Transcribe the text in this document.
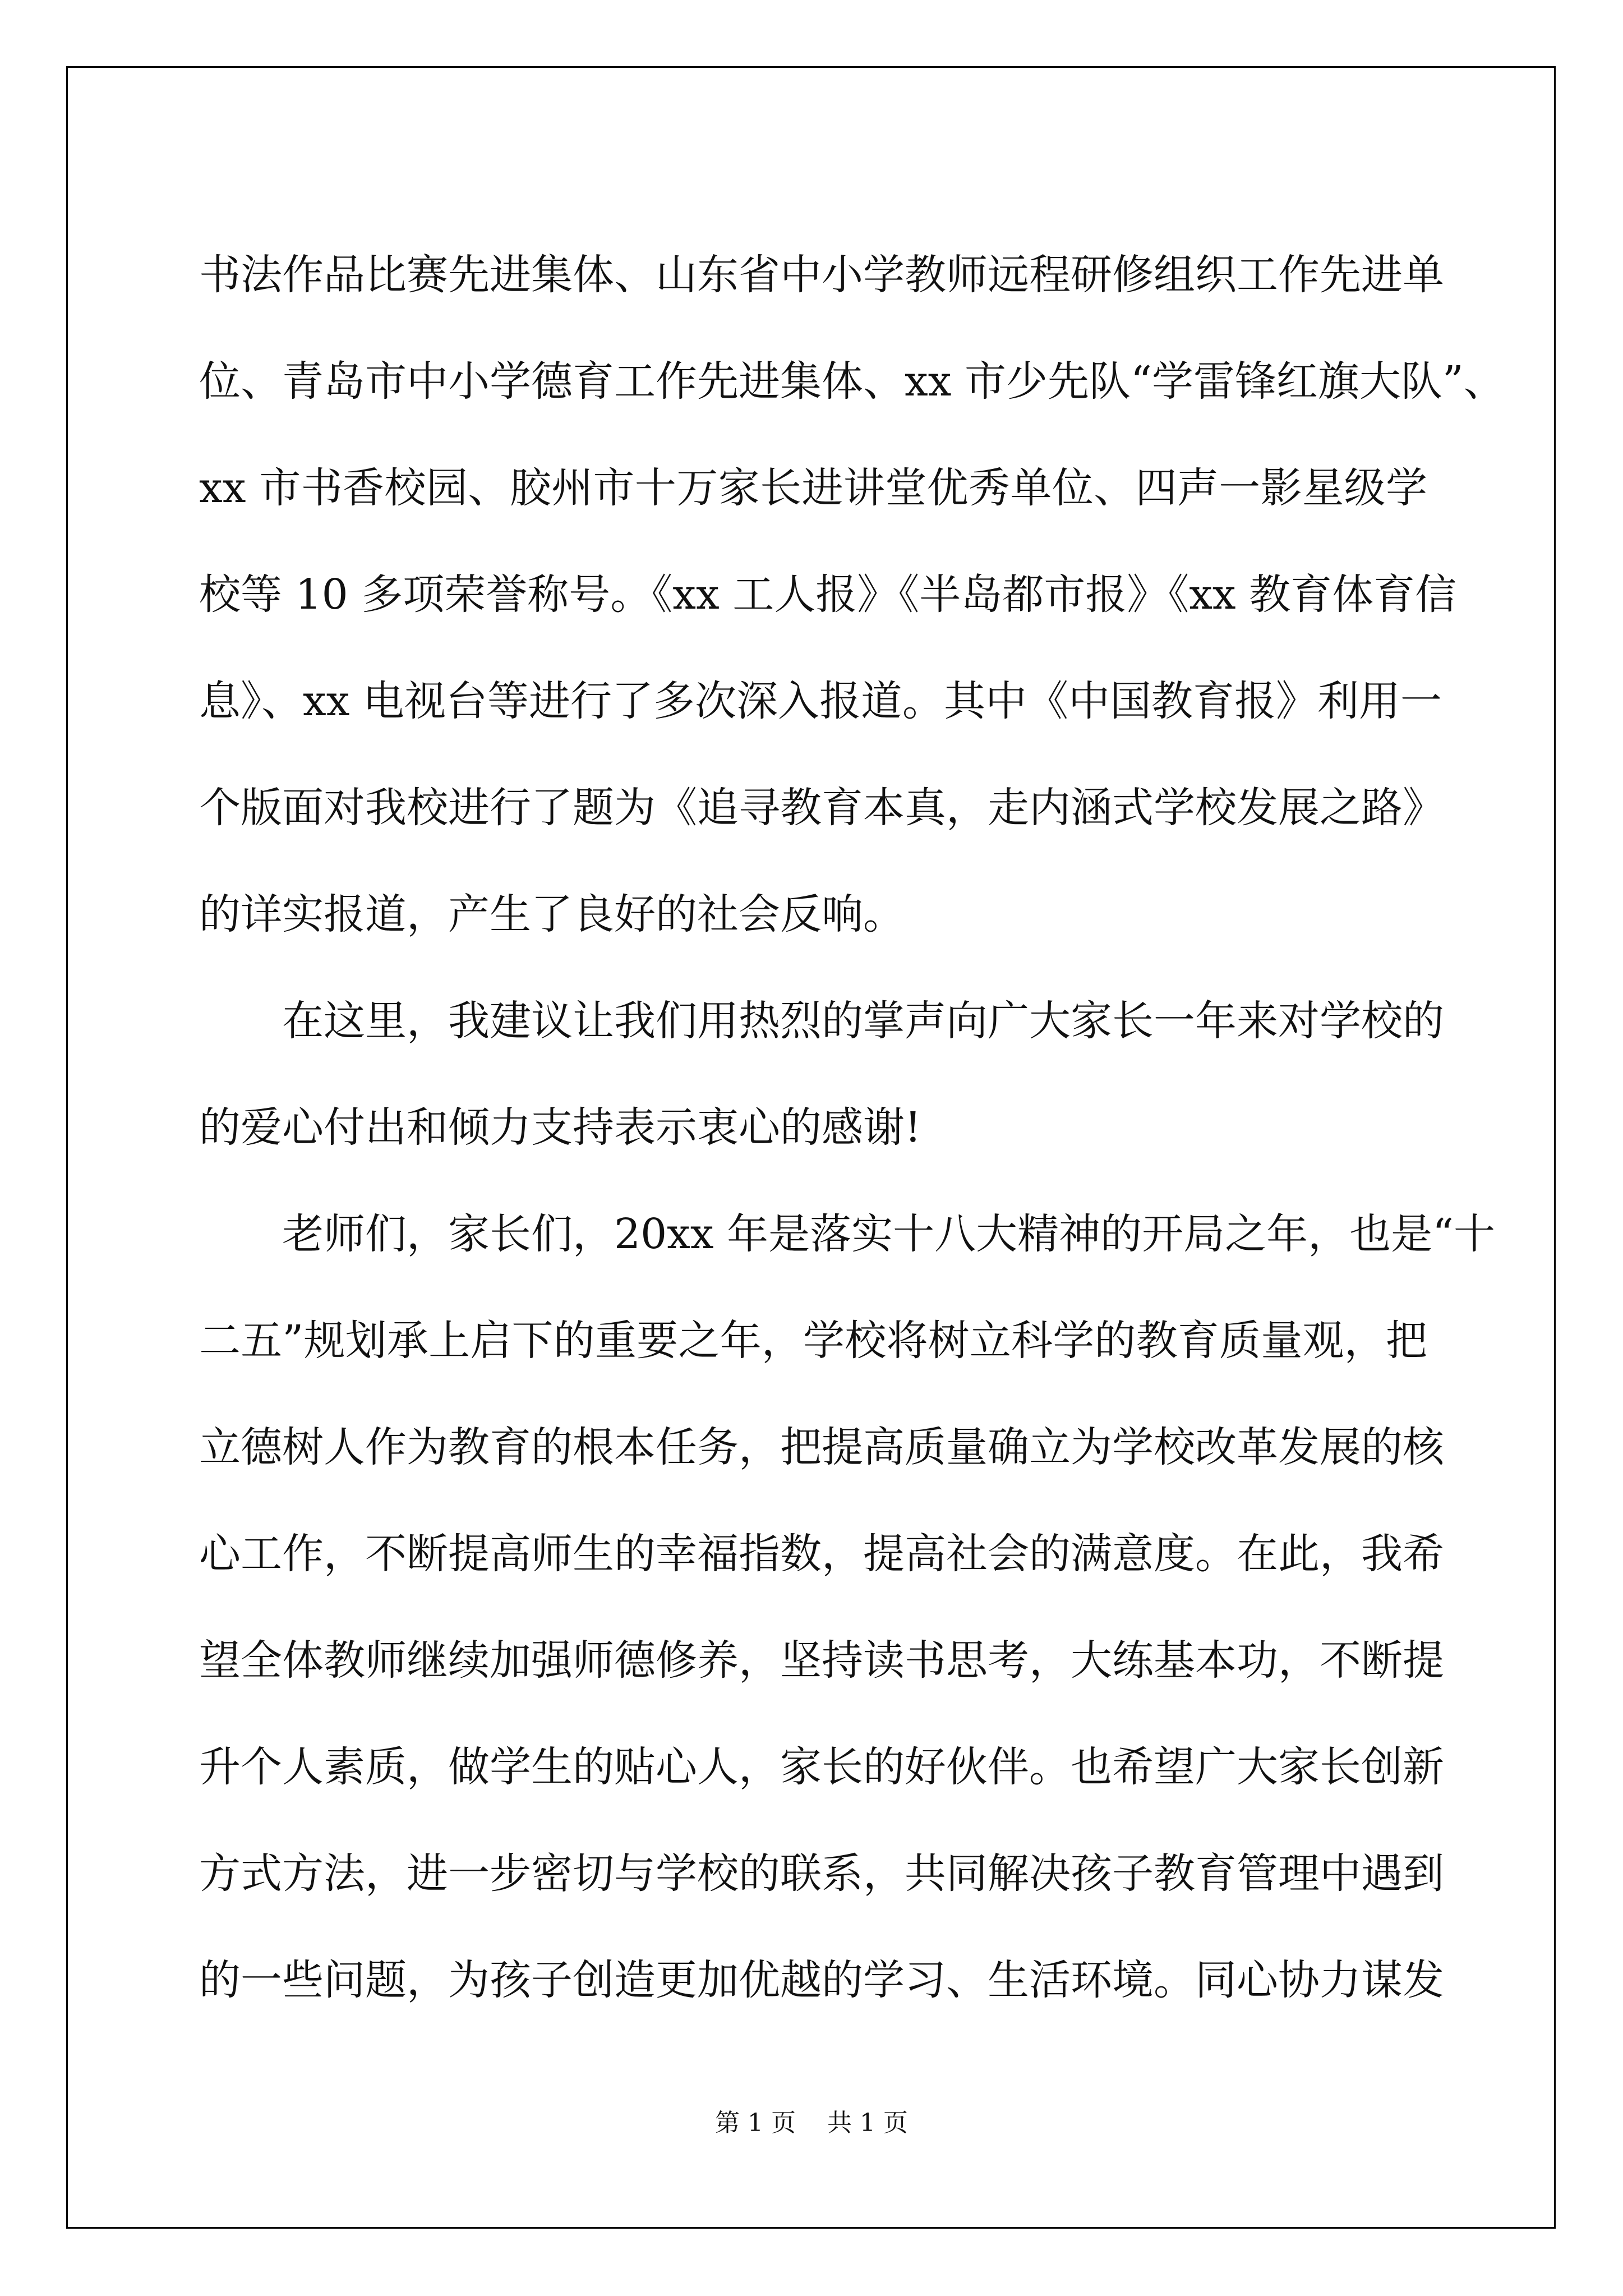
书法作品比赛先进集体、山东省中小学教师远程研修组织工作先进单
位、青岛市中小学德育工作先进集体、xx 市少先队“学雷锋红旗大队”、
xx 市书香校园、胶州市十万家长进讲堂优秀单位、四声一影星级学
校等 10 多项荣誉称号。《xx 工人报》《半岛都市报》《xx 教育体育信
息》、xx 电视台等进行了多次深入报道。其中《中国教育报》利用一
个版面对我校进行了题为《追寻教育本真，走内涵式学校发展之路》
的详实报道，产生了良好的社会反响。
在这里，我建议让我们用热烈的掌声向广大家长一年来对学校的
的爱心付出和倾力支持表示衷心的感谢!
老师们，家长们，20xx 年是落实十八大精神的开局之年，也是“十
二五”规划承上启下的重要之年，学校将树立科学的教育质量观，把
立德树人作为教育的根本任务，把提高质量确立为学校改革发展的核
心工作，不断提高师生的幸福指数，提高社会的满意度。在此，我希
望全体教师继续加强师德修养，坚持读书思考，大练基本功，不断提
升个人素质，做学生的贴心人，家长的好伙伴。也希望广大家长创新
方式方法，进一步密切与学校的联系，共同解决孩子教育管理中遇到
的一些问题，为孩子创造更加优越的学习、生活环境。同心协力谋发
第 1 页 共 1 页
